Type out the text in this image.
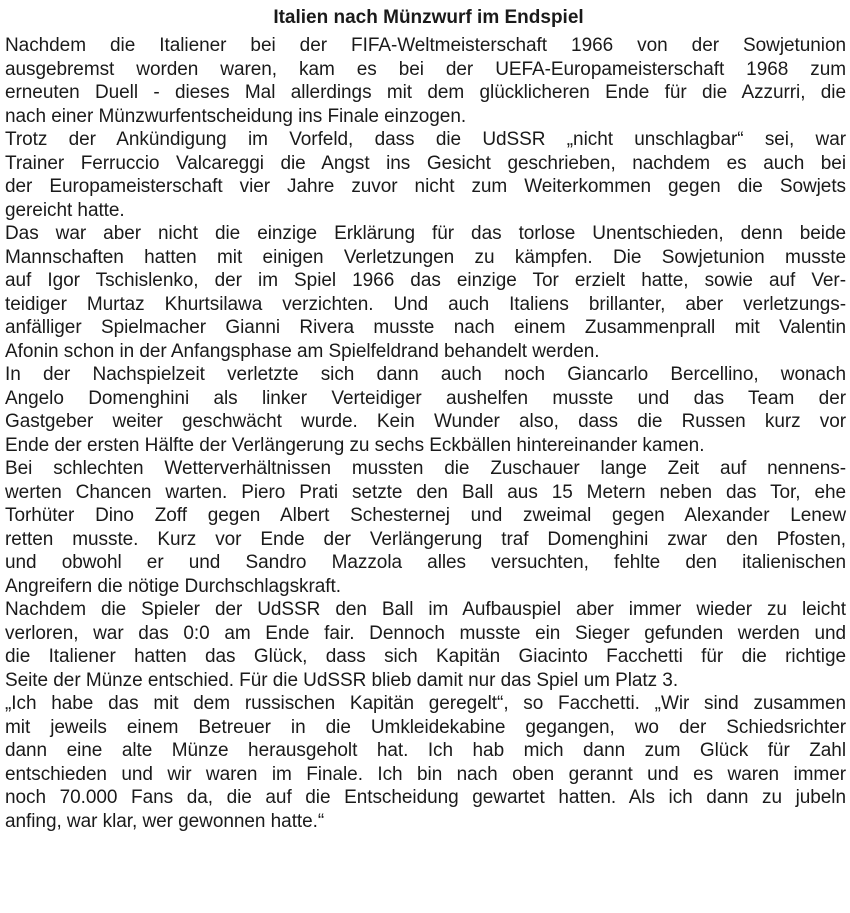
Italien nach Münzwurf im Endspiel

Nachdem die Italiener bei der FIFA-Weltmeisterschaft 1966 von der Sowjetunion
ausgebremst worden waren, kam es bei der UEFA-Europameisterschaft 1968 zum
erneuten Duell - dieses Mal allerdings mit dem glücklicheren Ende für die Azzurri, die
nach einer Münzwurfentscheidung ins Finale einzogen.

Trotz der Ankündigung im Vorfeld, dass die UdSSR „nicht unschlagbar“ sei, war
Trainer Ferruccio Valcareggi die Angst ins Gesicht geschrieben, nachdem es auch bei
der Europameisterschaft vier Jahre zuvor nicht zum Weiterkommen gegen die Sowjets
gereicht hatte.

Das war aber nicht die einzige Erklärung für das torlose Unentschieden, denn beide
Mannschaften hatten mit einigen Verletzungen zu kämpfen. Die Sowjetunion musste
auf Igor Tschislenko, der im Spiel 1966 das einzige Tor erzielt hatte, sowie auf Ver-
teidiger Murtaz Khurtsilawa verzichten. Und auch Italiens brillanter, aber verletzungs-
anfälliger Spielmacher Gianni Rivera musste nach einem Zusammenprall mit Valentin
Afonin schon in der Anfangsphase am Spielfeldrand behandelt werden.

In der Nachspielzeit verletzte sich dann auch noch Giancarlo Bercellino, wonach
Angelo Domenghini als linker Verteidiger aushelfen musste und das Team der
Gastgeber weiter geschwächt wurde. Kein Wunder also, dass die Russen kurz vor
Ende der ersten Hälfte der Verlängerung zu sechs Eckbällen hintereinander kamen.

Bei schlechten Wetterverhältnissen mussten die Zuschauer lange Zeit auf nennens-
werten Chancen warten. Piero Prati setzte den Ball aus 15 Metern neben das Tor, ehe
Torhüter Dino Zoff gegen Albert Schesternej und zweimal gegen Alexander Lenew
retten musste. Kurz vor Ende der Verlängerung traf Domenghini zwar den Pfosten,
und obwohl er und Sandro Mazzola alles versuchten, fehlte den italienischen
Angreifern die nötige Durchschlagskraft.

Nachdem die Spieler der UdSSR den Ball im Aufbauspiel aber immer wieder zu leicht
verloren, war das 0:0 am Ende fair. Dennoch musste ein Sieger gefunden werden und
die Italiener hatten das Glück, dass sich Kapitän Giacinto Facchetti für die richtige
Seite der Münze entschied. Für die UdSSR blieb damit nur das Spiel um Platz 3.

„Ich habe das mit dem russischen Kapitän geregelt“, so Facchetti. „Wir sind zusammen
mit jeweils einem Betreuer in die Umkleidekabine gegangen, wo der Schiedsrichter
dann eine alte Münze herausgeholt hat. Ich hab mich dann zum Glück für Zahl
entschieden und wir waren im Finale. Ich bin nach oben gerannt und es waren immer
noch 70.000 Fans da, die auf die Entscheidung gewartet hatten. Als ich dann zu jubeln
anfing, war klar, wer gewonnen hatte.“
